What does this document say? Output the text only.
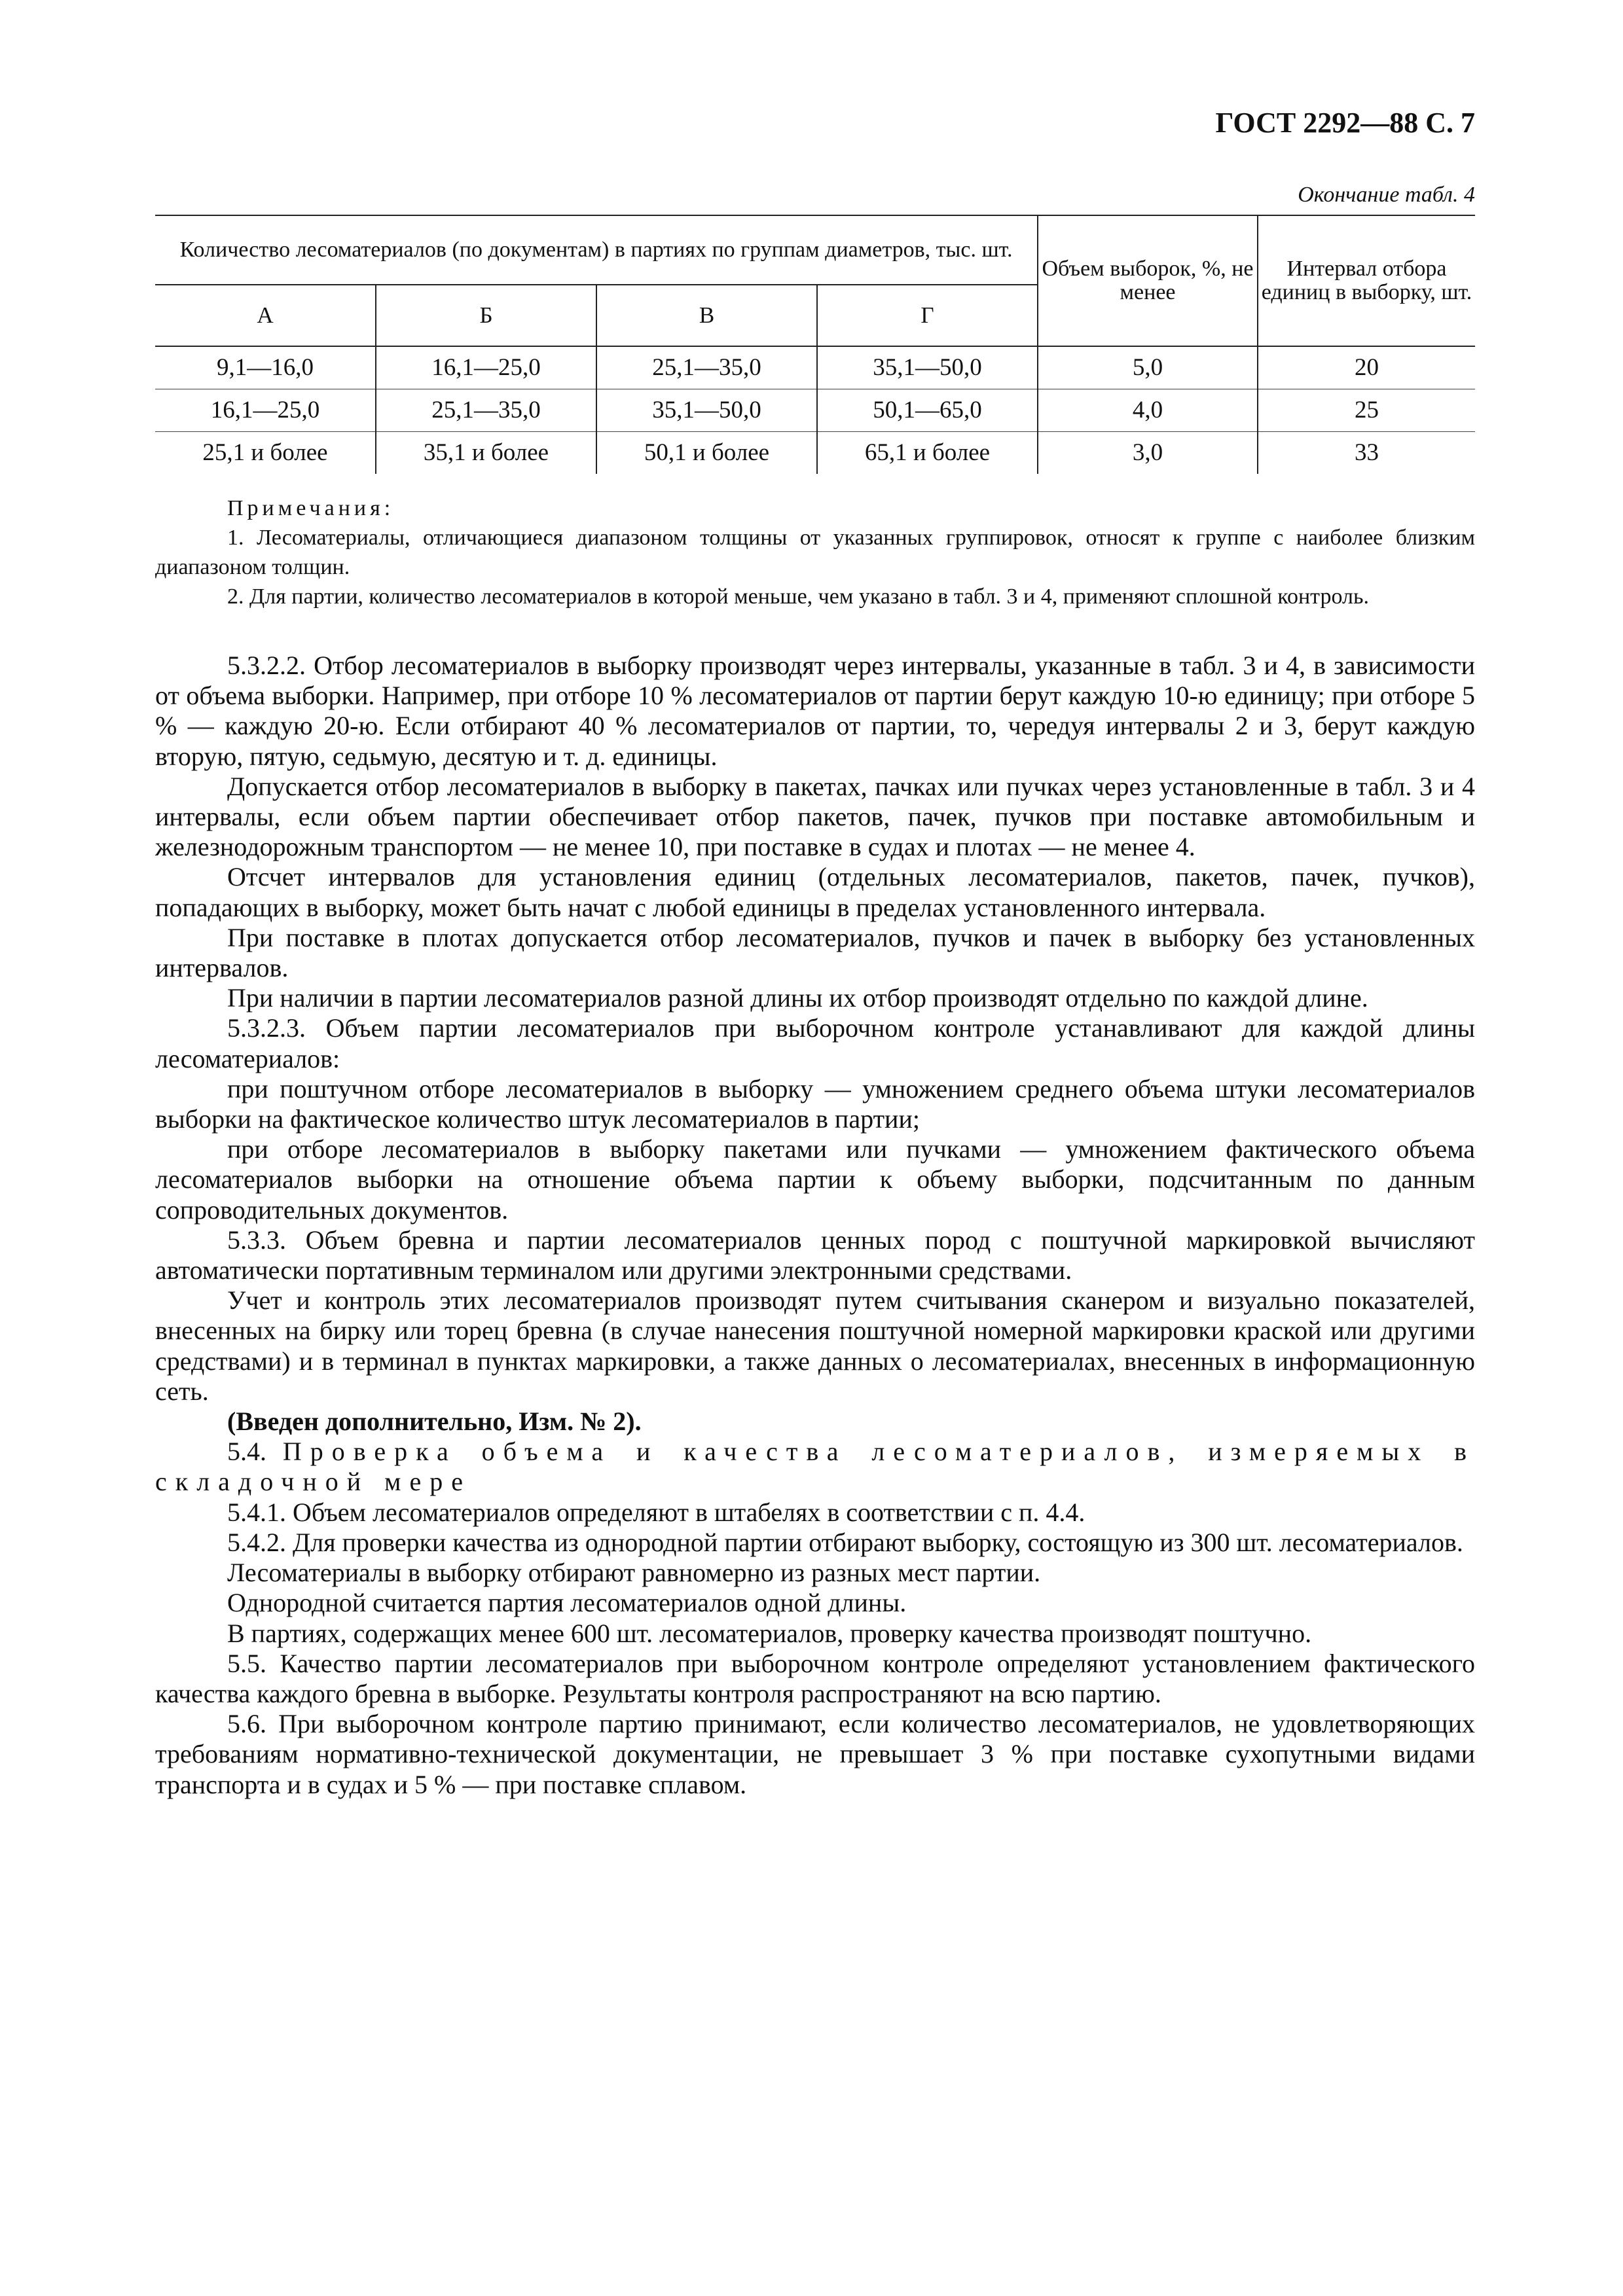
ГОСТ 2292—88 С. 7
Окончание табл. 4
Количество лесоматериалов (по документам) в партиях по группам диаметров, тыс. шт.				Объем выборок, %, не менее	Интервал отбора единиц в выборку, шт.
А	Б	В	Г		
9,1—16,0	16,1—25,0	25,1—35,0	35,1—50,0	5,0	20
16,1—25,0	25,1—35,0	35,1—50,0	50,1—65,0	4,0	25
25,1 и более	35,1 и более	50,1 и более	65,1 и более	3,0	33
Примечания:

1. Лесоматериалы, отличающиеся диапазоном толщины от указанных группировок, относят к группе с наиболее близким диапазоном толщин.

2. Для партии, количество лесоматериалов в которой меньше, чем указано в табл. 3 и 4, применяют сплошной контроль.

5.3.2.2. Отбор лесоматериалов в выборку производят через интервалы, указанные в табл. 3 и 4, в зависимости от объема выборки. Например, при отборе 10 % лесоматериалов от партии берут каждую 10-ю единицу; при отборе 5 % — каждую 20-ю. Если отбирают 40 % лесоматериалов от партии, то, чередуя интервалы 2 и 3, берут каждую вторую, пятую, седьмую, десятую и т. д. единицы.

Допускается отбор лесоматериалов в выборку в пакетах, пачках или пучках через установленные в табл. 3 и 4 интервалы, если объем партии обеспечивает отбор пакетов, пачек, пучков при поставке автомобильным и железнодорожным транспортом — не менее 10, при поставке в судах и плотах — не менее 4.

Отсчет интервалов для установления единиц (отдельных лесоматериалов, пакетов, пачек, пучков), попадающих в выборку, может быть начат с любой единицы в пределах установленного интервала.

При поставке в плотах допускается отбор лесоматериалов, пучков и пачек в выборку без установленных интервалов.

При наличии в партии лесоматериалов разной длины их отбор производят отдельно по каждой длине.

5.3.2.3. Объем партии лесоматериалов при выборочном контроле устанавливают для каждой длины лесоматериалов:

при поштучном отборе лесоматериалов в выборку — умножением среднего объема штуки лесоматериалов выборки на фактическое количество штук лесоматериалов в партии;

при отборе лесоматериалов в выборку пакетами или пучками — умножением фактического объема лесоматериалов выборки на отношение объема партии к объему выборки, подсчитанным по данным сопроводительных документов.

5.3.3. Объем бревна и партии лесоматериалов ценных пород с поштучной маркировкой вычисляют автоматически портативным терминалом или другими электронными средствами.

Учет и контроль этих лесоматериалов производят путем считывания сканером и визуально показателей, внесенных на бирку или торец бревна (в случае нанесения поштучной номерной маркировки краской или другими средствами) и в терминал в пунктах маркировки, а также данных о лесоматериалах, внесенных в информационную сеть.

(Введен дополнительно, Изм. № 2).

5.4. Проверка объема и качества лесоматериалов, измеряемых в складочной мере

5.4.1. Объем лесоматериалов определяют в штабелях в соответствии с п. 4.4.

5.4.2. Для проверки качества из однородной партии отбирают выборку, состоящую из 300 шт. лесоматериалов.

Лесоматериалы в выборку отбирают равномерно из разных мест партии.

Однородной считается партия лесоматериалов одной длины.

В партиях, содержащих менее 600 шт. лесоматериалов, проверку качества производят поштучно.

5.5. Качество партии лесоматериалов при выборочном контроле определяют установлением фактического качества каждого бревна в выборке. Результаты контроля распространяют на всю партию.

5.6. При выборочном контроле партию принимают, если количество лесоматериалов, не удовлетворяющих требованиям нормативно-технической документации, не превышает 3 % при поставке сухопутными видами транспорта и в судах и 5 % — при поставке сплавом.
